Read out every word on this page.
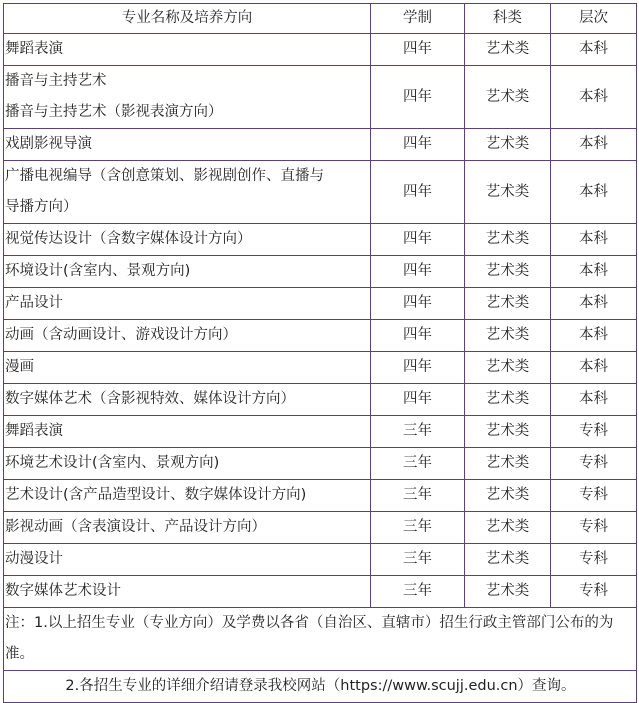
专业名称及培养方向	学制	科类	层次

舞蹈表演	四年	艺术类	本科

播音与主持艺术
播音与主持艺术（影视表演方向）	四年	艺术类	本科

戏剧影视导演	四年	艺术类	本科

广播电视编导（含创意策划、影视剧创作、直播与
导播方向）	四年	艺术类	本科

视觉传达设计（含数字媒体设计方向）	四年	艺术类	本科

环境设计(含室内、景观方向)	四年	艺术类	本科

产品设计	四年	艺术类	本科

动画（含动画设计、游戏设计方向）	四年	艺术类	本科

漫画	四年	艺术类	本科

数字媒体艺术（含影视特效、媒体设计方向）	四年	艺术类	本科

舞蹈表演	三年	艺术类	专科

环境艺术设计(含室内、景观方向)	三年	艺术类	专科

艺术设计(含产品造型设计、数字媒体设计方向)	三年	艺术类	专科

影视动画（含表演设计、产品设计方向）	三年	艺术类	专科

动漫设计	三年	艺术类	专科

数字媒体艺术设计	三年	艺术类	专科
注：1.以上招生专业（专业方向）及学费以各省（自治区、直辖市）招生行政主管部门公布的为准。			
2.各招生专业的详细介绍请登录我校网站（https://www.scujj.edu.cn）查询。			
